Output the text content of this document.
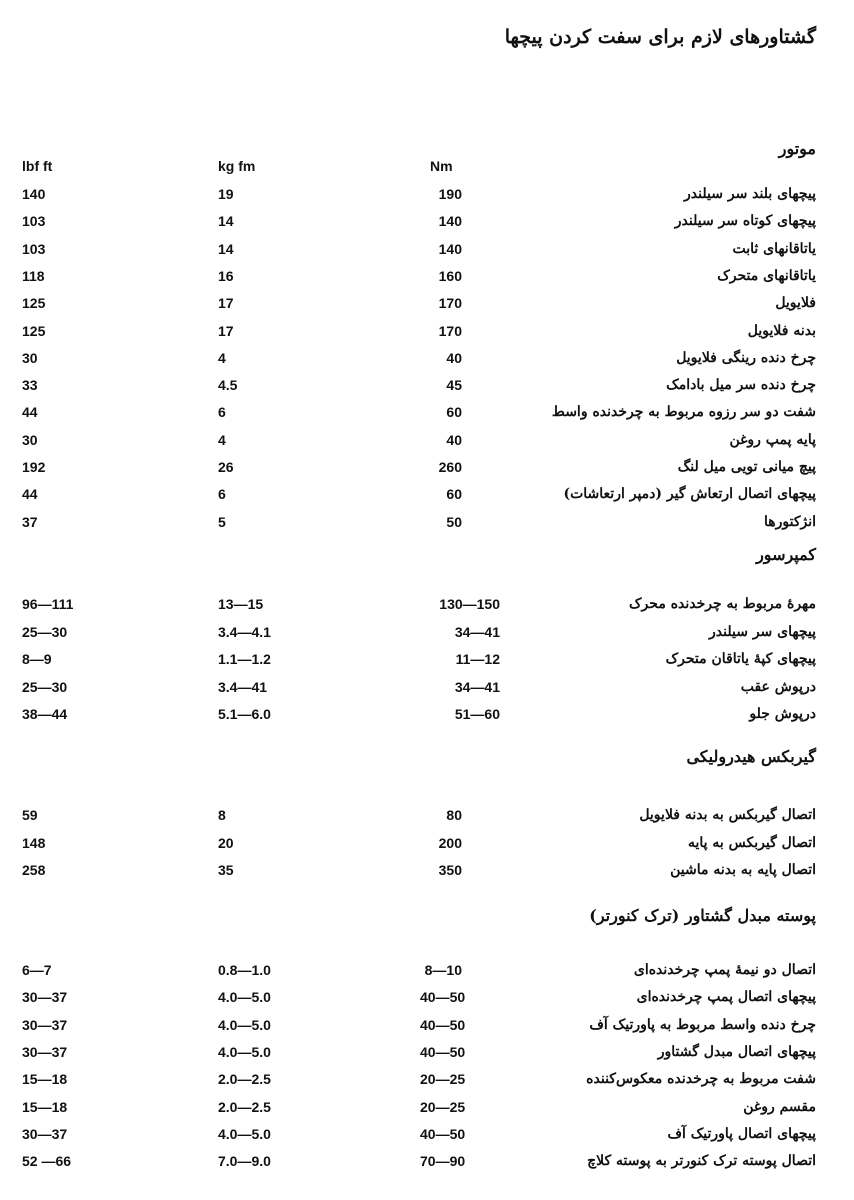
گشتاورهای لازم برای سفت کردن پیچها
lbf ft	kg fm	Nm
موتور
140	19	190	پیچهای بلند سر سیلندر
103	14	140	پیچهای کوتاه سر سیلندر
103	14	140	یاتاقانهای ثابت
118	16	160	یاتاقانهای متحرک
125	17	170	فلایویل
125	17	170	بدنه فلایویل
30	4	40	چرخ دنده رینگی فلایویل
33	4.5	45	چرخ دنده سر میل بادامک
44	6	60	شفت دو سر رزوه مربوط به چرخدنده واسط
30	4	40	پایه پمپ روغن
192	26	260	پیچ میانی تویی میل لنگ
44	6	60	پیچهای اتصال ارتعاش گیر (دمپر ارتعاشات)
37	5	50	انژکتورها
کمپرسور
96—111	13—15	130—150	مهرهٔ مربوط به چرخدنده محرک
25—30	3.4—4.1	34—41	پیچهای سر سیلندر
8—9	1.1—1.2	11—12	پیچهای کپهٔ یاتاقان متحرک
25—30	3.4—41	34—41	درپوش عقب
38—44	5.1—6.0	51—60	درپوش جلو
گیربکس هیدرولیکی
59	8	80	اتصال گیربکس به بدنه فلایویل
148	20	200	اتصال گیربکس به پایه
258	35	350	اتصال پایه به بدنه ماشین
پوسته مبدل گشتاور (ترک کنورتر)
6—7	0.8—1.0	8—10	اتصال دو نیمهٔ پمپ چرخدنده‌ای
30—37	4.0—5.0	40—50	پیچهای اتصال پمپ چرخدنده‌ای
30—37	4.0—5.0	40—50	چرخ دنده واسط مربوط به پاورتیک آف
30—37	4.0—5.0	40—50	پیچهای اتصال مبدل گشتاور
15—18	2.0—2.5	20—25	شفت مربوط به چرخدنده معکوس‌کننده
15—18	2.0—2.5	20—25	مقسم روغن
30—37	4.0—5.0	40—50	پیچهای اتصال پاورتیک آف
52 —66	7.0—9.0	70—90	اتصال پوسته ترک کنورتر به پوسته کلاچ
